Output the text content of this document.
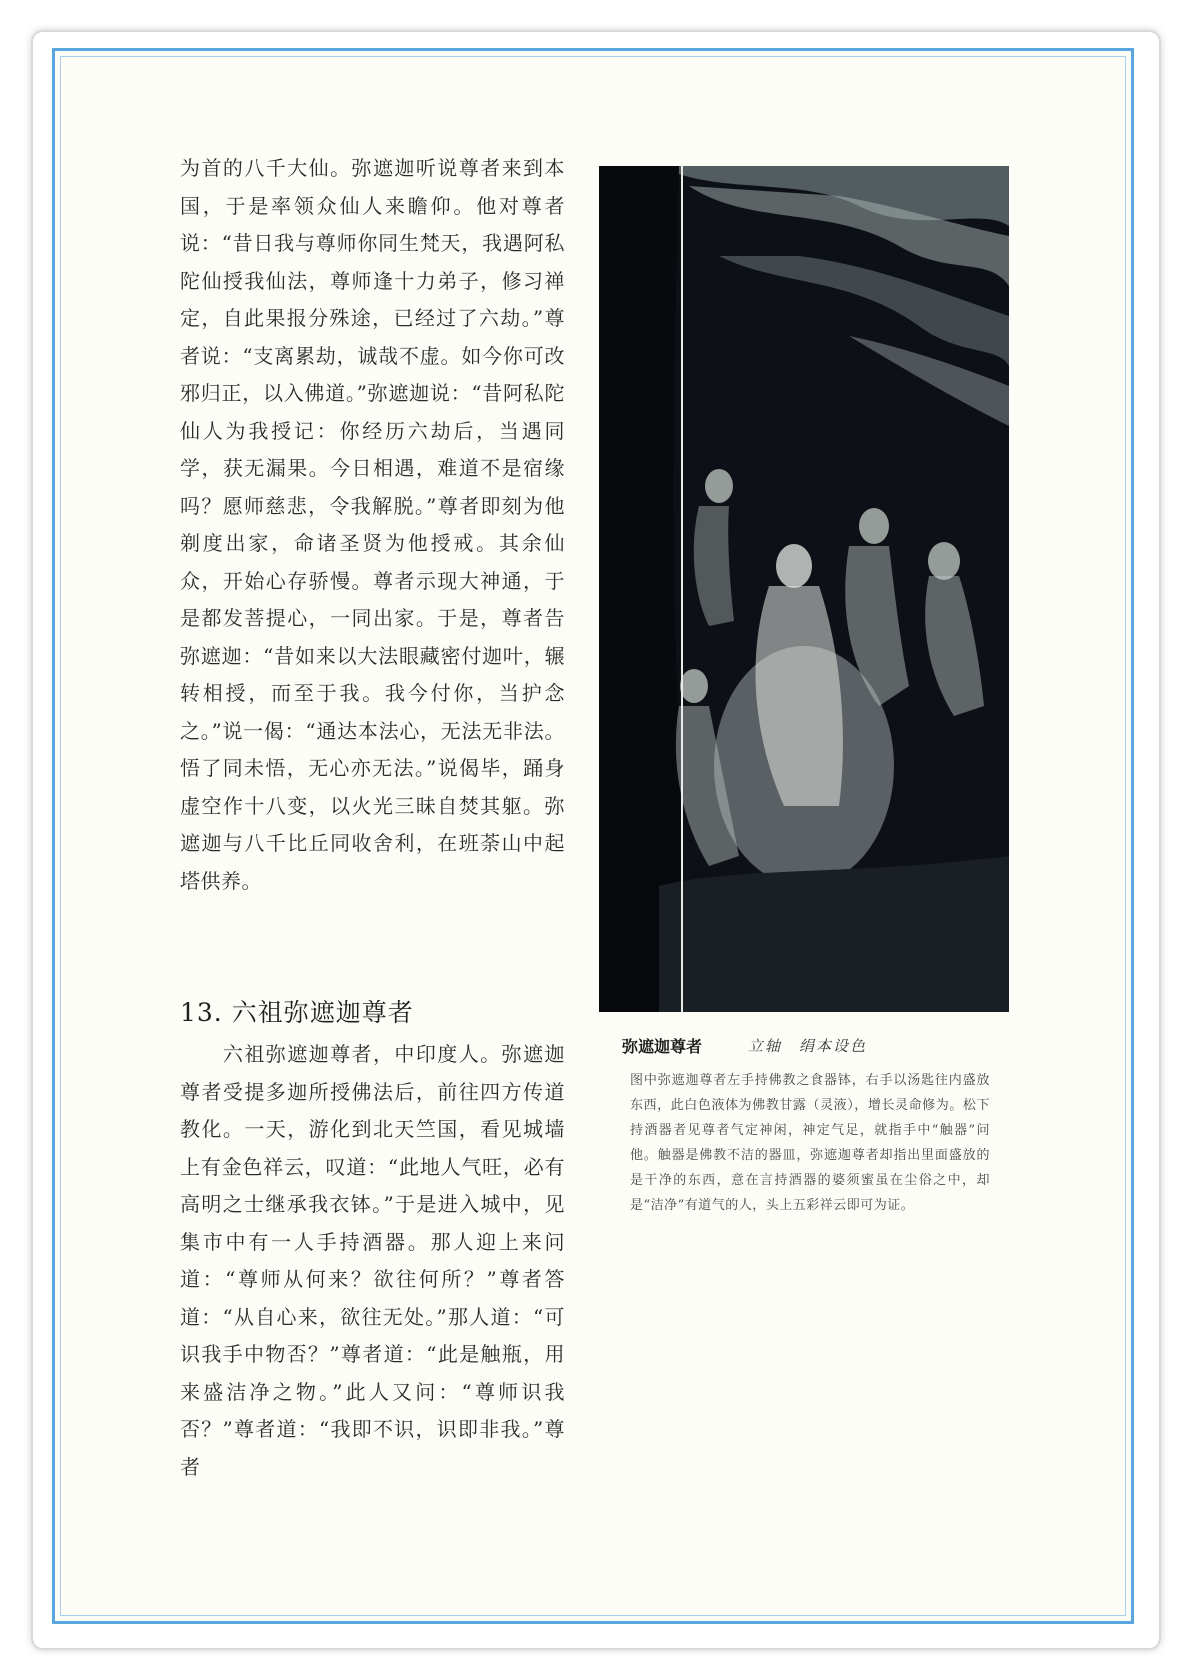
为首的八千大仙。弥遮迦听说尊者来到本国，于是率领众仙人来瞻仰。他对尊者说：“昔日我与尊师你同生梵天，我遇阿私陀仙授我仙法，尊师逢十力弟子，修习禅定，自此果报分殊途，已经过了六劫。”尊者说：“支离累劫，诚哉不虚。如今你可改邪归正，以入佛道。”弥遮迦说：“昔阿私陀仙人为我授记：你经历六劫后，当遇同学，获无漏果。今日相遇，难道不是宿缘吗？愿师慈悲，令我解脱。”尊者即刻为他剃度出家，命诸圣贤为他授戒。其余仙众，开始心存骄慢。尊者示现大神通，于是都发菩提心，一同出家。于是，尊者告弥遮迦：“昔如来以大法眼藏密付迦叶，辗转相授，而至于我。我今付你，当护念之。”说一偈：“通达本法心，无法无非法。悟了同未悟，无心亦无法。”说偈毕，踊身虚空作十八变，以火光三昧自焚其躯。弥遮迦与八千比丘同收舍利，在班荼山中起塔供养。

13. 六祖弥遮迦尊者

　　六祖弥遮迦尊者，中印度人。弥遮迦尊者受提多迦所授佛法后，前往四方传道教化。一天，游化到北天竺国，看见城墙上有金色祥云，叹道：“此地人气旺，必有高明之士继承我衣钵。”于是进入城中，见集市中有一人手持酒器。那人迎上来问道：“尊师从何来？欲往何所？”尊者答道：“从自心来，欲往无处。”那人道：“可识我手中物否？”尊者道：“此是触瓶，用来盛洁净之物。”此人又问：“尊师识我否？”尊者道：“我即不识，识即非我。”尊者

弥遮迦尊者	立轴　绢本设色

图中弥遮迦尊者左手持佛教之食器钵，右手以汤匙往内盛放东西，此白色液体为佛教甘露（灵液），增长灵命修为。松下持酒器者见尊者气定神闲，神定气足，就指手中“触器”问他。触器是佛教不洁的器皿，弥遮迦尊者却指出里面盛放的是干净的东西，意在言持酒器的婆须蜜虽在尘俗之中，却是“洁净”有道气的人，头上五彩祥云即可为证。
